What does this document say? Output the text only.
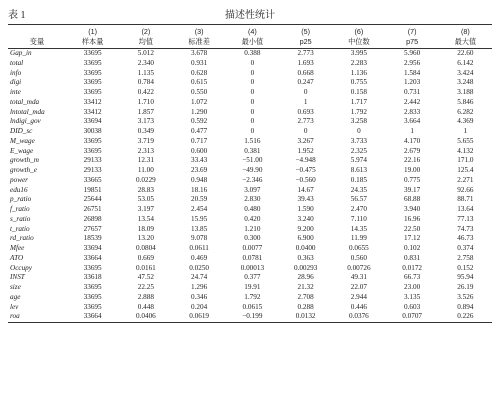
表 1	描述性统计
	(1)	(2)	(3)	(4)	(5)	(6)	(7)	(8)
变量	样本量	均值	标准差	最小值	p25	中位数	p75	最大值
Gap_in	33695	5.012	3.678	0.388	2.773	3.995	5.960	22.60
total	33695	2.340	0.931	0	1.693	2.283	2.956	6.142
info	33695	1.135	0.628	0	0.668	1.136	1.584	3.424
digi	33695	0.784	0.615	0	0.247	0.755	1.203	3.248
inte	33695	0.422	0.550	0	0	0.158	0.731	3.188
total_mda	33412	1.710	1.072	0	1	1.717	2.442	5.846
lntotal_mda	33412	1.857	1.290	0	0.693	1.792	2.833	6.282
lndigi_gov	33694	3.173	0.592	0	2.773	3.258	3.664	4.369
DID_sc	30038	0.349	0.477	0	0	0	1	1
M_wage	33695	3.719	0.717	1.516	3.267	3.733	4.170	5.655
E_wage	33695	2.313	0.600	0.381	1.952	2.325	2.679	4.132
growth_m	29133	12.31	33.43	−51.00	−4.948	5.974	22.16	171.0
growth_e	29133	11.00	23.69	−49.90	−0.475	8.613	19.00	125.4
power	33665	0.0229	0.948	−2.346	−0.560	0.185	0.775	2.271
edu16	19851	28.83	18.16	3.097	14.67	24.35	39.17	92.66
p_ratio	25644	53.05	20.59	2.830	39.43	56.57	68.88	88.71
f_ratio	26751	3.197	2.454	0.480	1.590	2.470	3.940	13.64
s_ratio	26898	13.54	15.95	0.420	3.240	7.110	16.96	77.13
t_ratio	27657	18.09	13.85	1.210	9.200	14.35	22.50	74.73
rd_ratio	18539	13.20	9.078	0.300	6.900	11.99	17.12	46.73
Mfee	33694	0.0804	0.0611	0.0077	0.0400	0.0655	0.102	0.374
ATO	33664	0.669	0.469	0.0781	0.363	0.560	0.831	2.758
Occupy	33695	0.0161	0.0250	0.00013	0.00293	0.00726	0.0172	0.152
INST	33618	47.52	24.74	0.377	28.96	49.31	66.73	95.94
size	33695	22.25	1.296	19.91	21.32	22.07	23.00	26.19
age	33695	2.888	0.346	1.792	2.708	2.944	3.135	3.526
lev	33695	0.448	0.204	0.0615	0.288	0.446	0.603	0.894
roa	33664	0.0406	0.0619	−0.199	0.0132	0.0376	0.0707	0.226
